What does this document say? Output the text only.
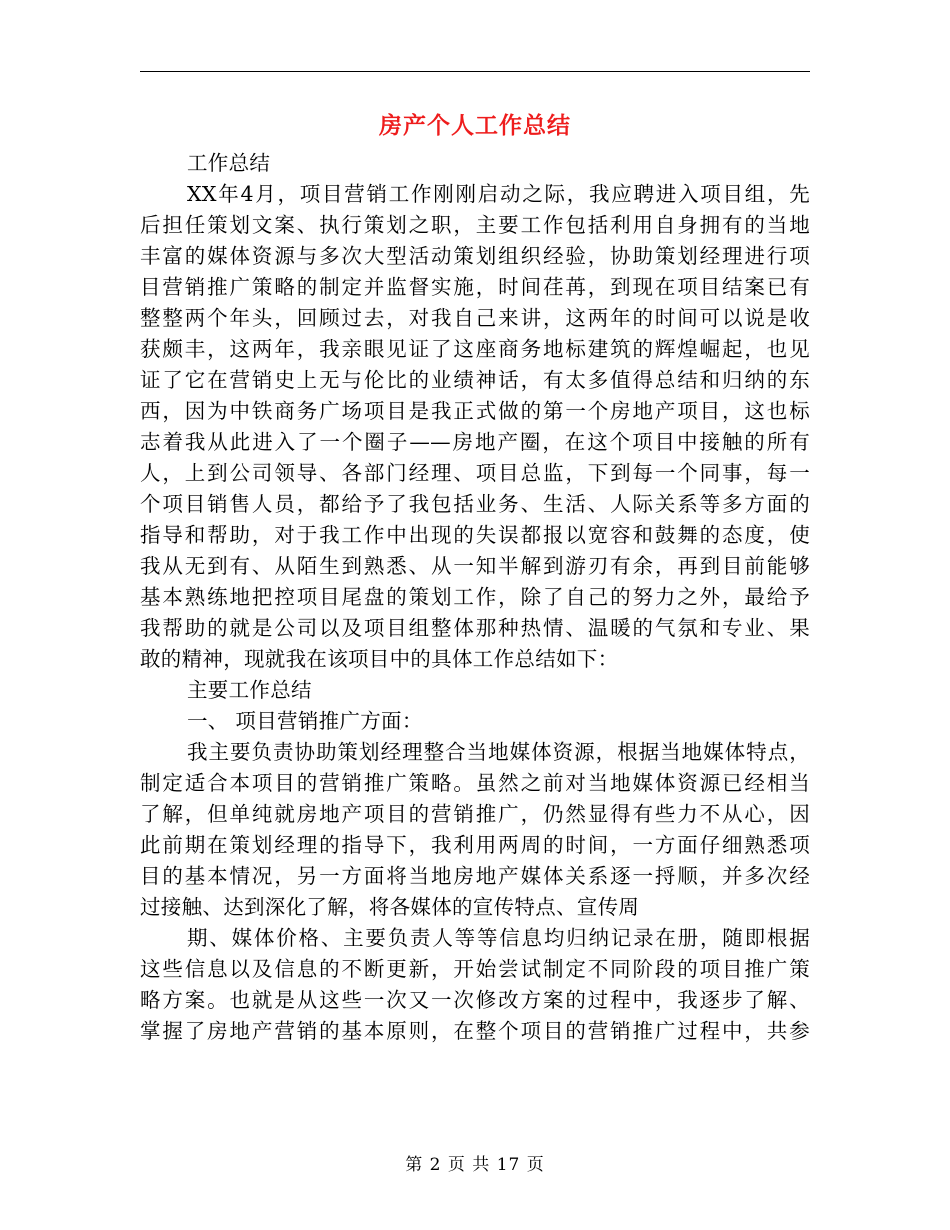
房产个人工作总结
工作总结
XX年4月，项目营销工作刚刚启动之际，我应聘进入项目组，先
后担任策划文案、执行策划之职，主要工作包括利用自身拥有的当地
丰富的媒体资源与多次大型活动策划组织经验，协助策划经理进行项
目营销推广策略的制定并监督实施，时间荏苒，到现在项目结案已有
整整两个年头，回顾过去，对我自己来讲，这两年的时间可以说是收
获颇丰，这两年，我亲眼见证了这座商务地标建筑的辉煌崛起，也见
证了它在营销史上无与伦比的业绩神话，有太多值得总结和归纳的东
西，因为中铁商务广场项目是我正式做的第一个房地产项目，这也标
志着我从此进入了一个圈子——房地产圈，在这个项目中接触的所有
人，上到公司领导、各部门经理、项目总监，下到每一个同事，每一
个项目销售人员，都给予了我包括业务、生活、人际关系等多方面的
指导和帮助，对于我工作中出现的失误都报以宽容和鼓舞的态度，使
我从无到有、从陌生到熟悉、从一知半解到游刃有余，再到目前能够
基本熟练地把控项目尾盘的策划工作，除了自己的努力之外，最给予
我帮助的就是公司以及项目组整体那种热情、温暖的气氛和专业、果
敢的精神，现就我在该项目中的具体工作总结如下：
主要工作总结
一、 项目营销推广方面：
我主要负责协助策划经理整合当地媒体资源，根据当地媒体特点，
制定适合本项目的营销推广策略。虽然之前对当地媒体资源已经相当
了解，但单纯就房地产项目的营销推广，仍然显得有些力不从心，因
此前期在策划经理的指导下，我利用两周的时间，一方面仔细熟悉项
目的基本情况，另一方面将当地房地产媒体关系逐一捋顺，并多次经
过接触、达到深化了解，将各媒体的宣传特点、宣传周
期、媒体价格、主要负责人等等信息均归纳记录在册，随即根据
这些信息以及信息的不断更新，开始尝试制定不同阶段的项目推广策
略方案。也就是从这些一次又一次修改方案的过程中，我逐步了解、
掌握了房地产营销的基本原则，在整个项目的营销推广过程中，共参
第 2 页 共 17 页
